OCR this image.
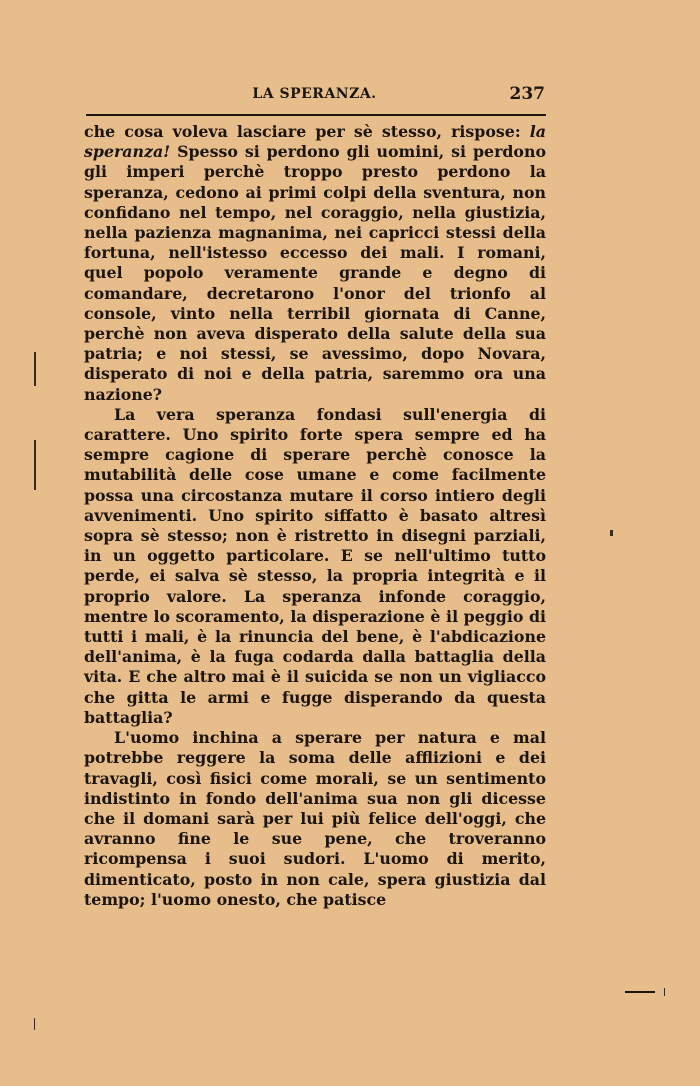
LA SPERANZA.	237

che cosa voleva lasciare per sè stesso, rispose: la speranza! Spesso si perdono gli uomini, si perdono gli imperi perchè troppo presto perdono la speranza, cedono ai primi colpi della sventura, non confidano nel tempo, nel coraggio, nella giustizia, nella pazienza magnanima, nei capricci stessi della fortuna, nell'istesso eccesso dei mali. I romani, quel popolo veramente grande e degno di comandare, decretarono l'onor del trionfo al console, vinto nella terribil giornata di Canne, perchè non aveva disperato della salute della sua patria; e noi stessi, se avessimo, dopo Novara, disperato di noi e della patria, saremmo ora una nazione?

La vera speranza fondasi sull'energia di carattere. Uno spirito forte spera sempre ed ha sempre cagione di sperare perchè conosce la mutabilità delle cose umane e come facilmente possa una circostanza mutare il corso intiero degli avvenimenti. Uno spirito siffatto è basato altresì sopra sè stesso; non è ristretto in disegni parziali, in un oggetto particolare. E se nell'ultimo tutto perde, ei salva sè stesso, la propria integrità e il proprio valore. La speranza infonde coraggio, mentre lo scoramento, la disperazione è il peggio di tutti i mali, è la rinuncia del bene, è l'abdicazione dell'anima, è la fuga codarda dalla battaglia della vita. E che altro mai è il suicida se non un vigliacco che gitta le armi e fugge disperando da questa battaglia?

L'uomo inchina a sperare per natura e mal potrebbe reggere la soma delle afflizioni e dei travagli, così fisici come morali, se un sentimento indistinto in fondo dell'anima sua non gli dicesse che il domani sarà per lui più felice dell'oggi, che avranno fine le sue pene, che troveranno ricompensa i suoi sudori. L'uomo di merito, dimenticato, posto in non cale, spera giustizia dal tempo; l'uomo onesto, che patisce
